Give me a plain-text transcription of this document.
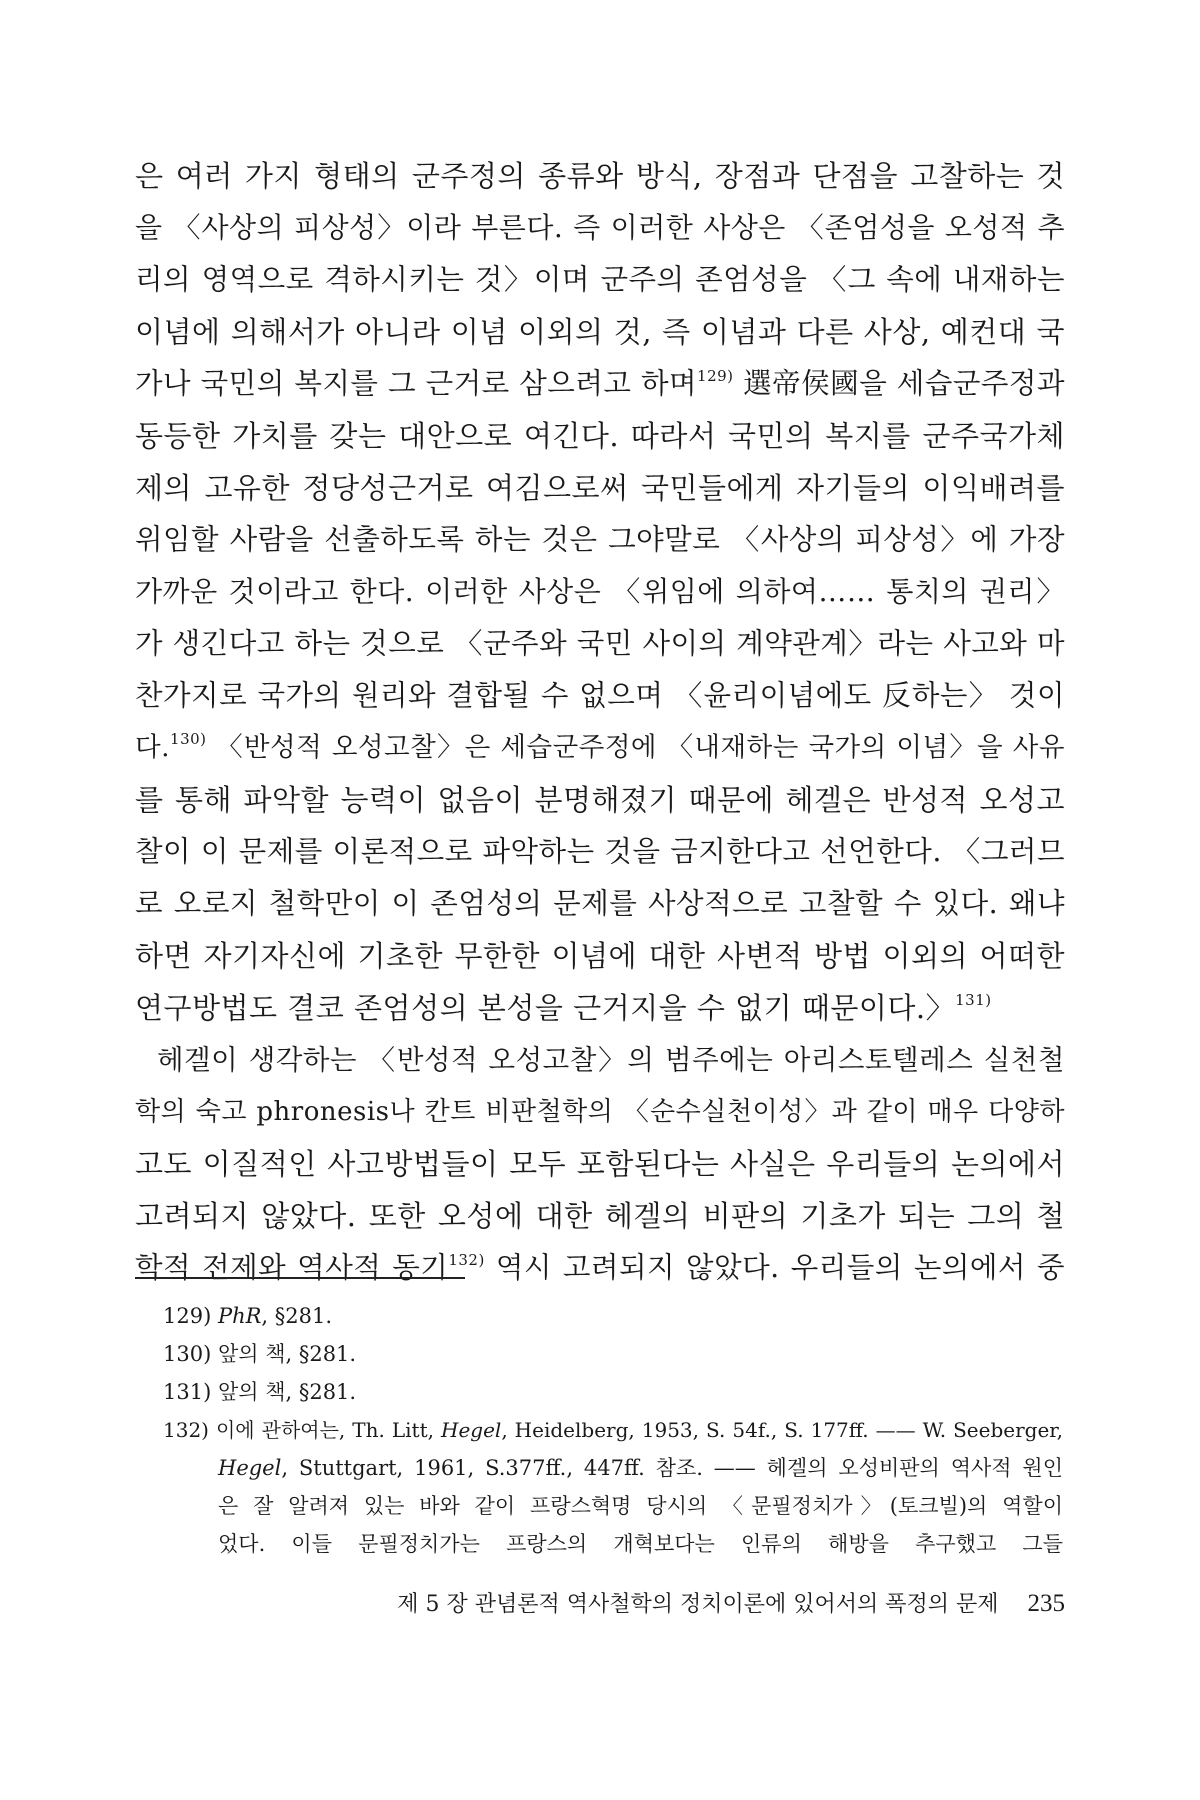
은 여러 가지 형태의 군주정의 종류와 방식, 장점과 단점을 고찰하는 것
을 〈사상의 피상성〉이라 부른다. 즉 이러한 사상은 〈존엄성을 오성적 추
리의 영역으로 격하시키는 것〉이며 군주의 존엄성을 〈그 속에 내재하는
이념에 의해서가 아니라 이념 이외의 것, 즉 이념과 다른 사상, 예컨대 국
가나 국민의 복지를 그 근거로 삼으려고 하며$^{129)}$ 選帝侯國을 세습군주정과
동등한 가치를 갖는 대안으로 여긴다. 따라서 국민의 복지를 군주국가체
제의 고유한 정당성근거로 여김으로써 국민들에게 자기들의 이익배려를
위임할 사람을 선출하도록 하는 것은 그야말로 〈사상의 피상성〉에 가장
가까운 것이라고 한다. 이러한 사상은 〈위임에 의하여…… 통치의 권리〉
가 생긴다고 하는 것으로 〈군주와 국민 사이의 계약관계〉라는 사고와 마
찬가지로 국가의 원리와 결합될 수 없으며 〈윤리이념에도 反하는〉 것이
다.$^{130)}$ 〈반성적 오성고찰〉은 세습군주정에 〈내재하는 국가의 이념〉을 사유
를 통해 파악할 능력이 없음이 분명해졌기 때문에 헤겔은 반성적 오성고
찰이 이 문제를 이론적으로 파악하는 것을 금지한다고 선언한다. 〈그러므
로 오로지 철학만이 이 존엄성의 문제를 사상적으로 고찰할 수 있다. 왜냐
하면 자기자신에 기초한 무한한 이념에 대한 사변적 방법 이외의 어떠한
연구방법도 결코 존엄성의 본성을 근거지을 수 없기 때문이다.〉$^{131)}$
헤겔이 생각하는 〈반성적 오성고찰〉의 범주에는 아리스토텔레스 실천철
학의 숙고 phronesis나 칸트 비판철학의 〈순수실천이성〉과 같이 매우 다양하
고도 이질적인 사고방법들이 모두 포함된다는 사실은 우리들의 논의에서
고려되지 않았다. 또한 오성에 대한 헤겔의 비판의 기초가 되는 그의 철
학적 전제와 역사적 동기$^{132)}$ 역시 고려되지 않았다. 우리들의 논의에서 중
129) PhR, §281.
130) 앞의 책, §281.
131) 앞의 책, §281.
132) 이에 관하여는, Th. Litt, Hegel, Heidelberg, 1953, S. 54f., S. 177ff. —— W. Seeberger,
Hegel, Stuttgart, 1961, S.377ff., 447ff. 참조. —— 헤겔의 오성비판의 역사적 원인
은 잘 알려져 있는 바와 같이 프랑스혁명 당시의 〈문필정치가〉(토크빌)의 역할이
었다. 이들 문필정치가는 프랑스의 개혁보다는 인류의 해방을 추구했고 그들
제 5 장 관념론적 역사철학의 정치이론에 있어서의 폭정의 문제 235
